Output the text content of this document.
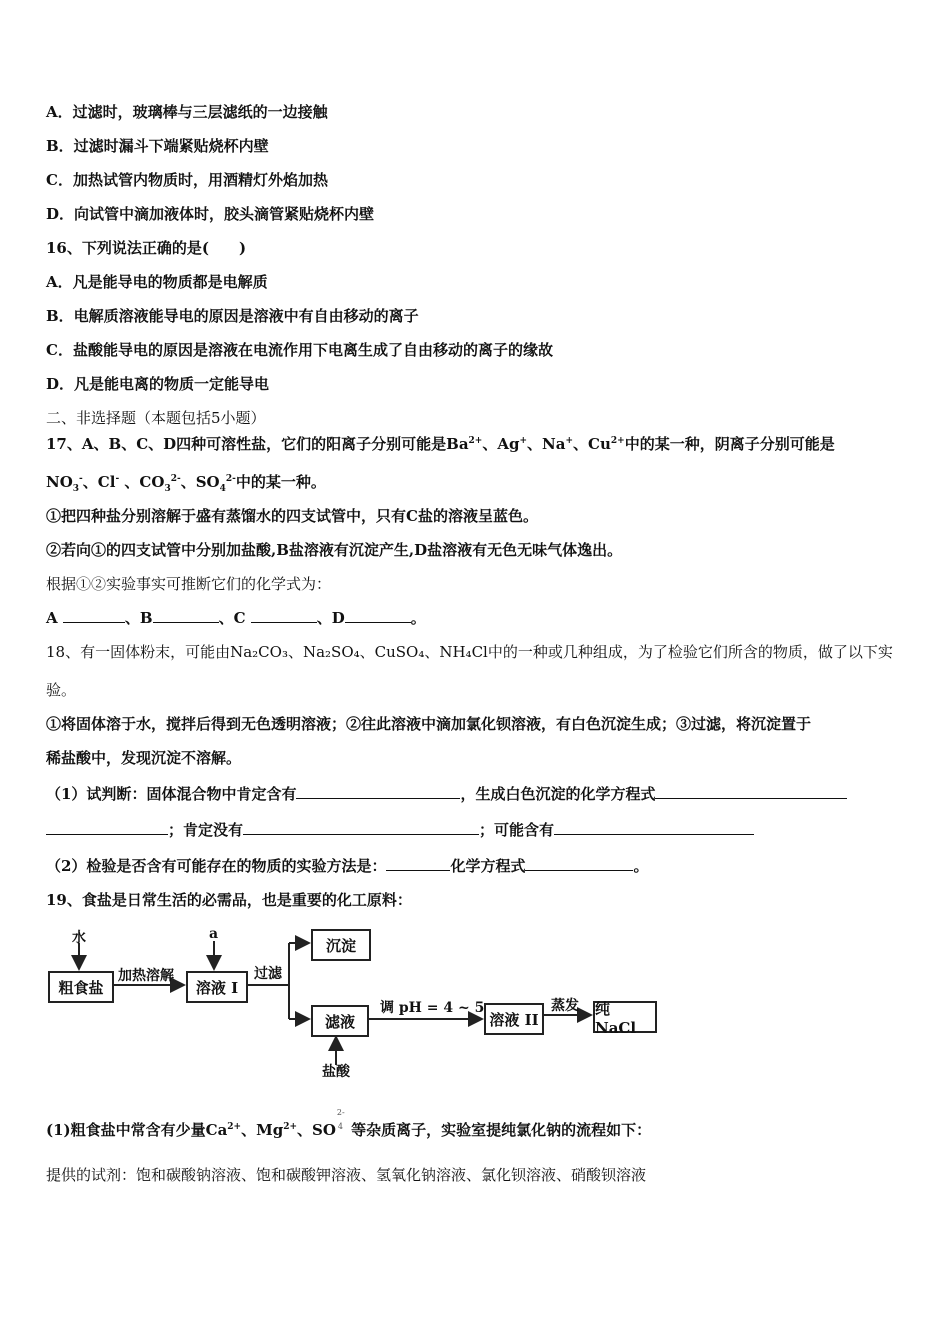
A．过滤时，玻璃棒与三层滤纸的一边接触
B．过滤时漏斗下端紧贴烧杯内壁
C．加热试管内物质时，用酒精灯外焰加热
D．向试管中滴加液体时，胶头滴管紧贴烧杯内壁
16、下列说法正确的是(　　)
A．凡是能导电的物质都是电解质
B．电解质溶液能导电的原因是溶液中有自由移动的离子
C．盐酸能导电的原因是溶液在电流作用下电离生成了自由移动的离子的缘故
D．凡是能电离的物质一定能导电
二、非选择题（本题包括5小题）
17、A、B、C、D四种可溶性盐，它们的阳离子分别可能是$Ba^{2+}$、Ag+、Na+、$Cu^{2+}$中的某一种，阴离子分别可能是
$NO_3^-$、Cl- 、$CO_3^{2-}$、$SO_4^{2-}$中的某一种。
①把四种盐分别溶解于盛有蒸馏水的四支试管中，只有C盐的溶液呈蓝色。
②若向①的四支试管中分别加盐酸,B盐溶液有沉淀产生,D盐溶液有无色无味气体逸出。
根据①②实验事实可推断它们的化学式为：
A	、B	、C	、D	。
18、有一固体粉末，可能由Na₂CO₃、Na₂SO₄、CuSO₄、NH₄Cl中的一种或几种组成，为了检验它们所含的物质，做了以下实
验。
①将固体溶于水，搅拌后得到无色透明溶液；②往此溶液中滴加氯化钡溶液，有白色沉淀生成；③过滤，将沉淀置于
稀盐酸中，发现沉淀不溶解。
（1）试判断：固体混合物中肯定含有	，生成白色沉淀的化学方程式
；肯定没有	；可能含有
（2）检验是否含有可能存在的物质的实验方法是：	化学方程式	。
19、食盐是日常生活的必需品，也是重要的化工原料：
水
粗食盐
加热溶解
a
溶液 I
过滤
沉淀
滤液
盐酸
调 pH = 4 ~ 5
溶液 II
蒸发 纯 NaCl
(1)粗食盐中常含有少量$Ca^{2+}$、$Mg^{2+}$、SO
2-
4 等杂质离子，实验室提纯氯化钠的流程如下：
提供的试剂：饱和碳酸钠溶液、饱和碳酸钾溶液、氢氧化钠溶液、氯化钡溶液、硝酸钡溶液
